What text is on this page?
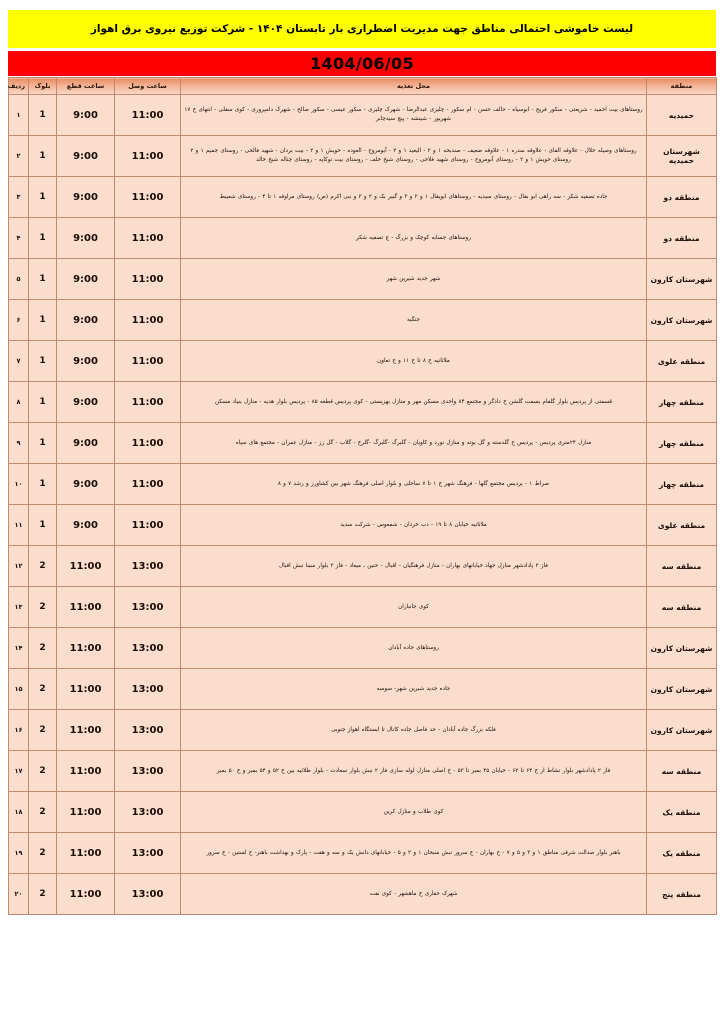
لیست خاموشی احتمالی مناطق جهت مدیریت اضطراری بار تابستان ۱۴۰۴ - شرکت توزیع نیروی برق اهواز
1404/06/05
منطقه	محل تغذیه	ساعت وصل	ساعت قطع	بلوک	ردیف
حمیدیه	روستاهای بیت احمید - شریعتی - سکور فریح - ابوسیاه - حالف حسن - ام سکور - چلیزی عبدالرضا - شهرک چلیزی - سکور عیسی - سکور صالح - شهرک دامپروری - کوی سقلی - انتهای خ ۱۷ شهریور - شینشه - پیچ سیدچابر	11:00	9:00	1	۱
شهرستان حمیدیه	روستاهای وصیله حلال - علاوقه الفای - علاوقه سدره ۱ - علاوقه ضعیف - صندبحه ۱ و ۲ - الیغید ۱ و ۲ - آبومروح - العوده - حویش ۱ و ۲ - بیت بردان - شهید فالحی - روستای جمیم ۱ و ۲ روستای حویش ۱ و ۲ - روستای آبومروح - روستای شهید فلاحی - روستای شیخ خلف - روستای بیت نوکاپه - روستای چناله شیخ خالد	11:00	9:00	1	۲
منطقه دو	جاده تصفیه شکر - سه راهی ابو بقال - روستای سیدیه - روستاهای ابوبقال ۱ و ۲ و ۳ و گبیر بک و ۲ و ۳ و نبی اکرم (ص) روستای مراوقه ۱ تا ۴ - روستای شعیبط	11:00	9:00	1	۳
منطقه دو	روستاهای جسابه کوچک و بزرگ - چ تصفیه شکر	11:00	9:00	1	۴
شهرستان کارون	شهر جدید شیرین شهر	11:00	9:00	1	۵
شهرستان کارون	جنگیه	11:00	9:00	1	۶
منطقه علوی	ملاثانیه خ ۸ تا خ ۱۱ و خ تعاون	11:00	9:00	1	۷
منطقه چهار	قسمتی از پردیس بلوار گلفام بسمت گلشن خ دادگر و مجتمع ۸۴ واحدی مسکن مهر و منازل بهزیستی - کوی پردیس قطعه ۸۵ - پردیس بلوار هدیه - منازل بنیاد مسکن	11:00	9:00	1	۸
منطقه چهار	منازل ۲۴متری پردیس - پردیس خ گلدسته و گل بوته و منازل نورد و کاویان - گلبرگ -گلبرگ -گلرخ - گلاب - گل رز - منازل عمران - مجتمع های سپاه	11:00	9:00	1	۹
منطقه چهار	صراط ۱ - پردیس مجتمع گلها - فرهنگ شهر خ ۱ تا ۷ ساحلی و بلوار اصلی فرهنگ شهر بین کشاورز و رشد ۷ و ۸	11:00	9:00	1	۱۰
منطقه علوی	ملاثانیه خیابان ۸ تا ۱۹ - دب خردان - شمعوس - شرکت سدید	11:00	9:00	1	۱۱
منطقه سه	فاز ۲ پادادشهر منازل جهاد خیابانهای بهاران - منازل فرهنگیان - اقبال - حنین ـ میعاد - فاز ۲ بلوار سینا نبش اقبال	13:00	11:00	2	۱۲
منطقه سه	کوی جانبازان	13:00	11:00	2	۱۳
شهرستان کارون	روستاهای جاده آبادان	13:00	11:00	2	۱۴
شهرستان کارون	جاده جدید شیرین شهر- سوسه	13:00	11:00	2	۱۵
شهرستان کارون	فلکه بزرگ جاده آبادان - حد فاصل جاده کانال تا ایستگاه اهواز جنوبی	13:00	11:00	2	۱۶
منطقه سه	فاز ۲ پادادشهر بلوار نشاط از خ ۶۴ تا ۶۲ - خیابان ۴۵ بمبر تا ۵۳ - خ اصلی منازل لوله سازی فاز ۲ نبش بلوار سعادت - بلوار طلائیه بین خ ۵۲ و ۵۴ بمبر و خ ۵۰ بمبر	13:00	11:00	2	۱۷
منطقه یک	کوی طلاب و منازل کرین	13:00	11:00	2	۱۸
منطقه یک	باهنر بلوار صدالت شرقی مناطق ۱ و ۳ و ۵ و ۷ - خ بهاران - خ سرور نبش سبحان ۱ و ۲ و ۵ - خیابانهای دانش یک و سه و هفت - پارک و بهداشت باهنر- خ لستین - خ سرور	13:00	11:00	2	۱۹
منطقه پنج	شهرک حفاری خ ماهشهر - کوی نفت	13:00	11:00	2	۲۰
